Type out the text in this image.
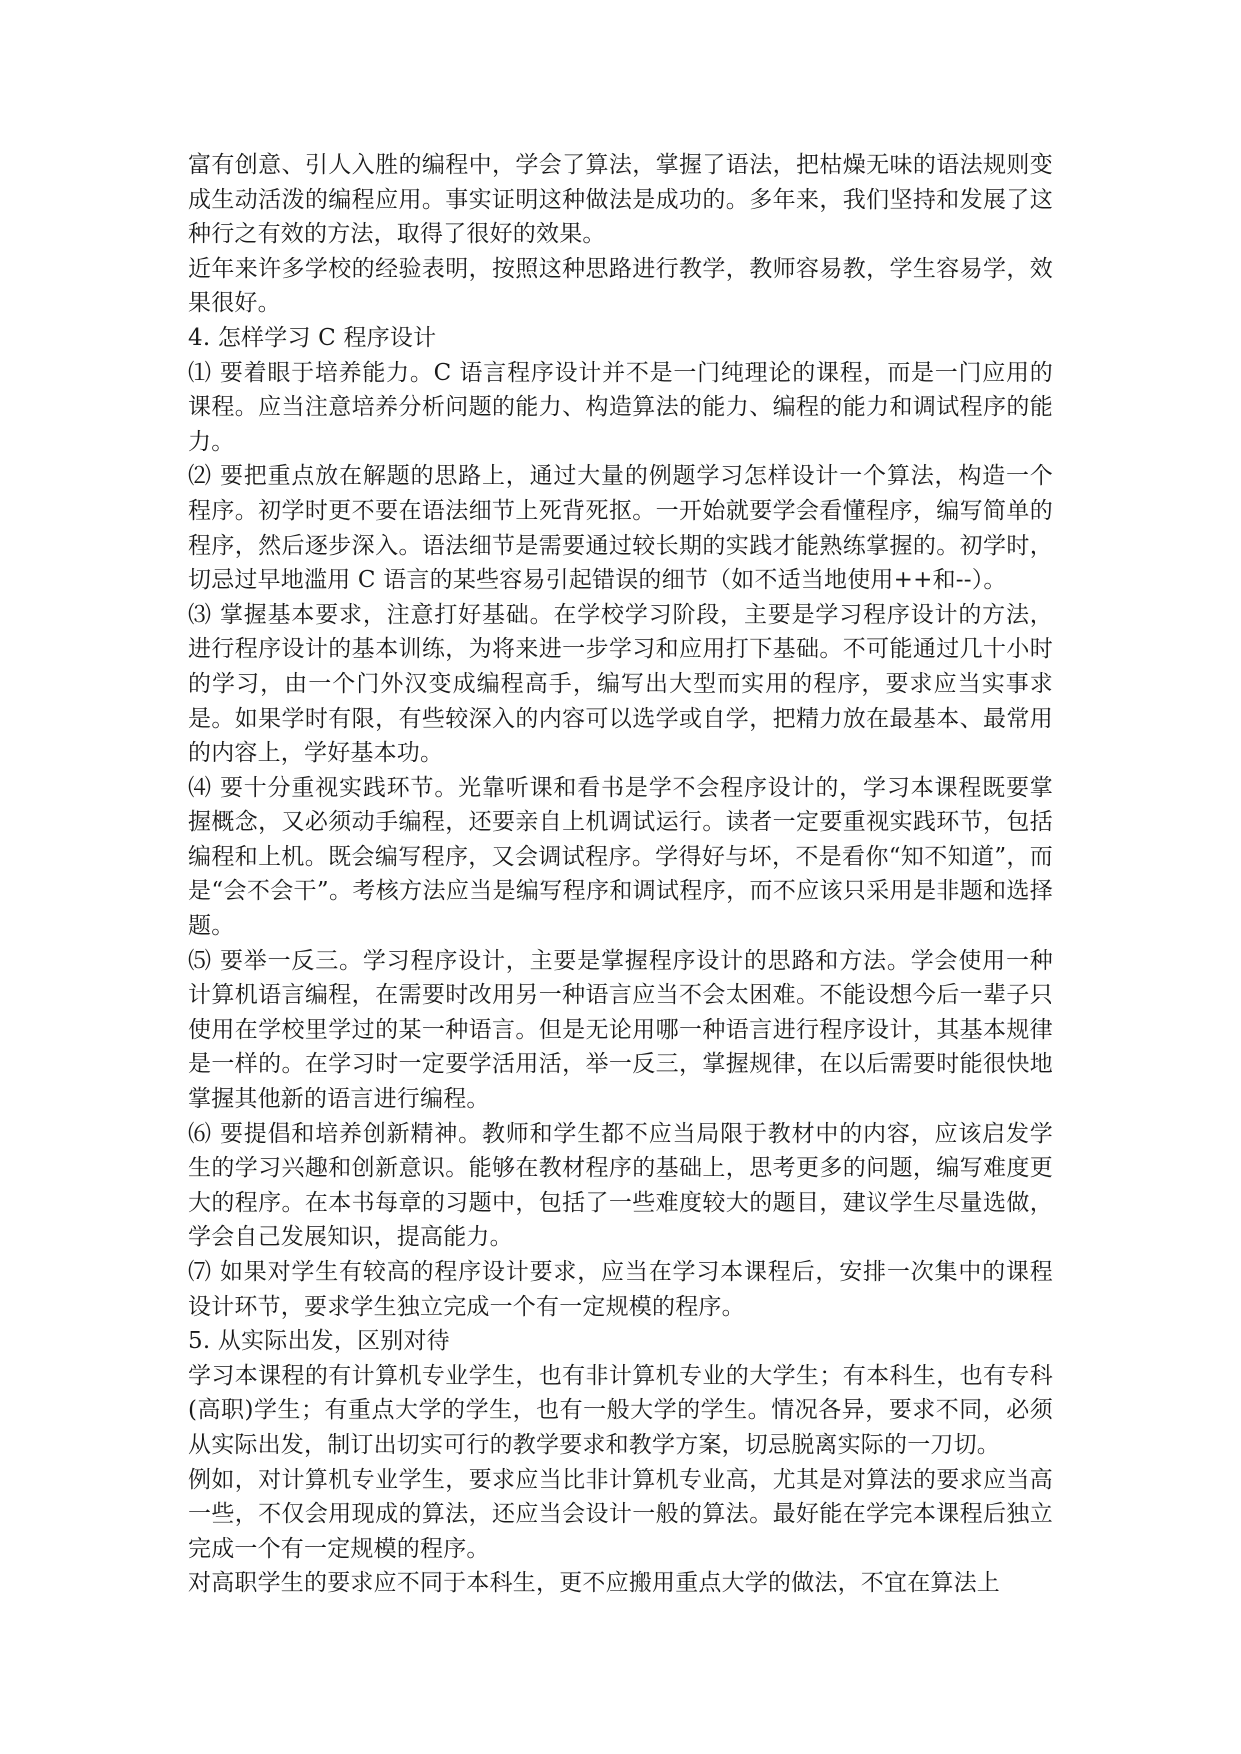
富有创意、引人入胜的编程中，学会了算法，掌握了语法，把枯燥无味的语法规则变成生动活泼的编程应用。事实证明这种做法是成功的。多年来，我们坚持和发展了这种行之有效的方法，取得了很好的效果。

近年来许多学校的经验表明，按照这种思路进行教学，教师容易教，学生容易学，效果很好。

4. 怎样学习 C 程序设计

⑴ 要着眼于培养能力。C 语言程序设计并不是一门纯理论的课程，而是一门应用的课程。应当注意培养分析问题的能力、构造算法的能力、编程的能力和调试程序的能力。

⑵ 要把重点放在解题的思路上，通过大量的例题学习怎样设计一个算法，构造一个程序。初学时更不要在语法细节上死背死抠。一开始就要学会看懂程序，编写简单的程序，然后逐步深入。语法细节是需要通过较长期的实践才能熟练掌握的。初学时，切忌过早地滥用 C 语言的某些容易引起错误的细节（如不适当地使用++和--）。

⑶ 掌握基本要求，注意打好基础。在学校学习阶段，主要是学习程序设计的方法，进行程序设计的基本训练，为将来进一步学习和应用打下基础。不可能通过几十小时的学习，由一个门外汉变成编程高手，编写出大型而实用的程序，要求应当实事求是。如果学时有限，有些较深入的内容可以选学或自学，把精力放在最基本、最常用的内容上，学好基本功。

⑷ 要十分重视实践环节。光靠听课和看书是学不会程序设计的，学习本课程既要掌握概念，又必须动手编程，还要亲自上机调试运行。读者一定要重视实践环节，包括编程和上机。既会编写程序，又会调试程序。学得好与坏，不是看你“知不知道”，而是“会不会干”。考核方法应当是编写程序和调试程序，而不应该只采用是非题和选择题。

⑸ 要举一反三。学习程序设计，主要是掌握程序设计的思路和方法。学会使用一种计算机语言编程，在需要时改用另一种语言应当不会太困难。不能设想今后一辈子只使用在学校里学过的某一种语言。但是无论用哪一种语言进行程序设计，其基本规律是一样的。在学习时一定要学活用活，举一反三，掌握规律，在以后需要时能很快地掌握其他新的语言进行编程。

⑹ 要提倡和培养创新精神。教师和学生都不应当局限于教材中的内容，应该启发学生的学习兴趣和创新意识。能够在教材程序的基础上，思考更多的问题，编写难度更大的程序。在本书每章的习题中，包括了一些难度较大的题目，建议学生尽量选做，学会自己发展知识，提高能力。

⑺ 如果对学生有较高的程序设计要求，应当在学习本课程后，安排一次集中的课程设计环节，要求学生独立完成一个有一定规模的程序。

5. 从实际出发，区别对待

学习本课程的有计算机专业学生，也有非计算机专业的大学生；有本科生，也有专科(高职)学生；有重点大学的学生，也有一般大学的学生。情况各异，要求不同，必须从实际出发，制订出切实可行的教学要求和教学方案，切忌脱离实际的一刀切。

例如，对计算机专业学生，要求应当比非计算机专业高，尤其是对算法的要求应当高一些，不仅会用现成的算法，还应当会设计一般的算法。最好能在学完本课程后独立完成一个有一定规模的程序。

对高职学生的要求应不同于本科生，更不应搬用重点大学的做法，不宜在算法上
